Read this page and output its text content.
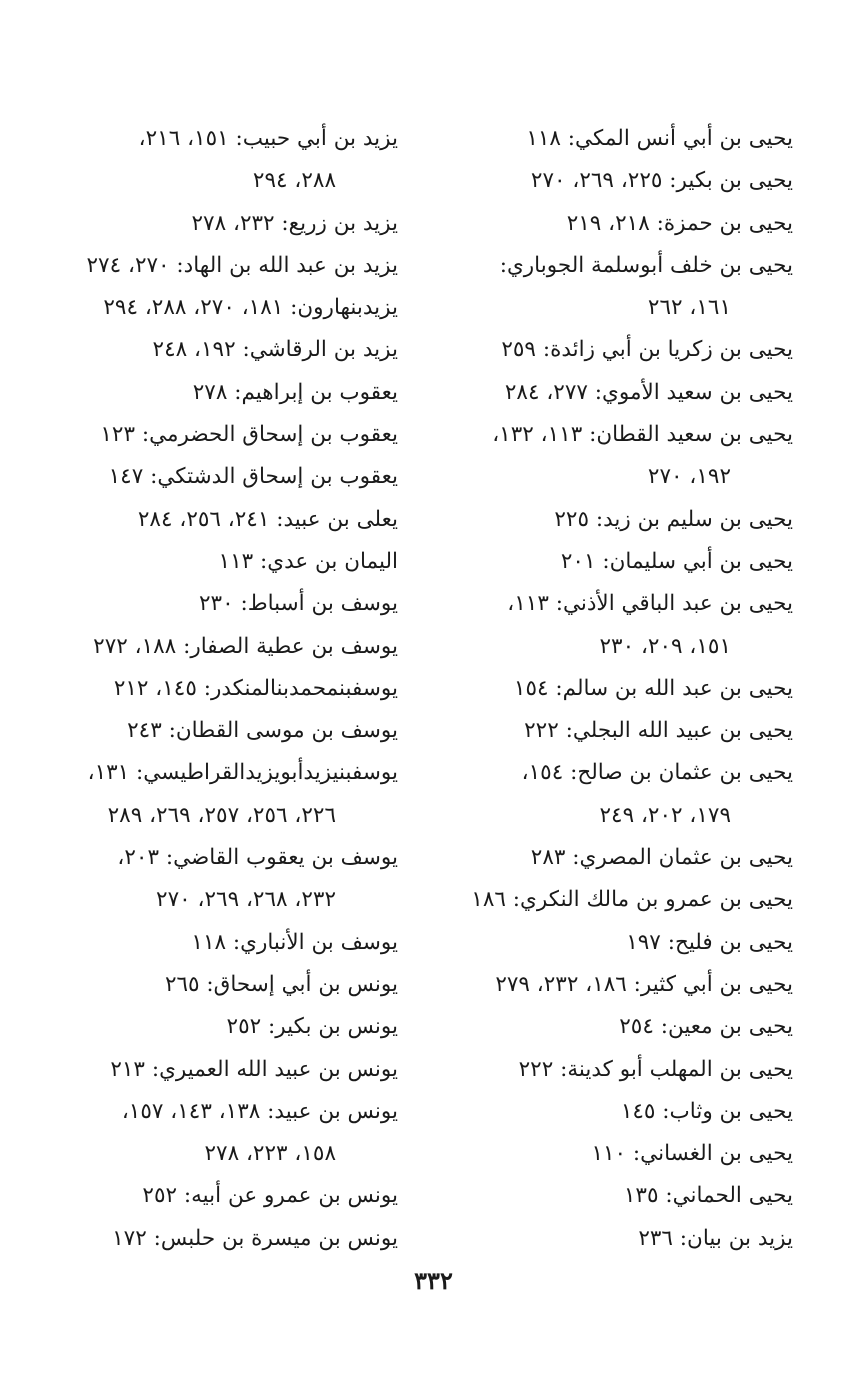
يحيى بن أبي أنس المكي: ١١٨
يحيى بن بكير: ٢٢٥، ٢٦٩، ٢٧٠
يحيى بن حمزة: ٢١٨، ٢١٩
يحيى بن خلف أبوسلمة الجوباري:
١٦١، ٢٦٢
يحيى بن زكريا بن أبي زائدة: ٢٥٩
يحيى بن سعيد الأموي: ٢٧٧، ٢٨٤
يحيى بن سعيد القطان: ١١٣، ١٣٢،
١٩٢، ٢٧٠
يحيى بن سليم بن زيد: ٢٢٥
يحيى بن أبي سليمان: ٢٠١
يحيى بن عبد الباقي الأذني: ١١٣،
١٥١، ٢٠٩، ٢٣٠
يحيى بن عبد الله بن سالم: ١٥٤
يحيى بن عبيد الله البجلي: ٢٢٢
يحيى بن عثمان بن صالح: ١٥٤،
١٧٩، ٢٠٢، ٢٤٩
يحيى بن عثمان المصري: ٢٨٣
يحيى بن عمرو بن مالك النكري: ١٨٦
يحيى بن فليح: ١٩٧
يحيى بن أبي كثير: ١٨٦، ٢٣٢، ٢٧٩
يحيى بن معين: ٢٥٤
يحيى بن المهلب أبو كدينة: ٢٢٢
يحيى بن وثاب: ١٤٥
يحيى بن الغساني: ١١٠
يحيى الحماني: ١٣٥
يزيد بن بيان: ٢٣٦
يزيد بن أبي حبيب: ١٥١، ٢١٦،
٢٨٨، ٢٩٤
يزيد بن زريع: ٢٣٢، ٢٧٨
يزيد بن عبد الله بن الهاد: ٢٧٠، ٢٧٤
يزيدبنهارون: ١٨١، ٢٧٠، ٢٨٨، ٢٩٤
يزيد بن الرقاشي: ١٩٢، ٢٤٨
يعقوب بن إبراهيم: ٢٧٨
يعقوب بن إسحاق الحضرمي: ١٢٣
يعقوب بن إسحاق الدشتكي: ١٤٧
يعلى بن عبيد: ٢٤١، ٢٥٦، ٢٨٤
اليمان بن عدي: ١١٣
يوسف بن أسباط: ٢٣٠
يوسف بن عطية الصفار: ١٨٨، ٢٧٢
يوسفبنمحمدبنالمنكدر: ١٤٥، ٢١٢
يوسف بن موسى القطان: ٢٤٣
يوسفبنيزيدأبويزيدالقراطيسي: ١٣١،
٢٢٦، ٢٥٦، ٢٥٧، ٢٦٩، ٢٨٩
يوسف بن يعقوب القاضي: ٢٠٣،
٢٣٢، ٢٦٨، ٢٦٩، ٢٧٠
يوسف بن الأنباري: ١١٨
يونس بن أبي إسحاق: ٢٦٥
يونس بن بكير: ٢٥٢
يونس بن عبيد الله العميري: ٢١٣
يونس بن عبيد: ١٣٨، ١٤٣، ١٥٧،
١٥٨، ٢٢٣، ٢٧٨
يونس بن عمرو عن أبيه: ٢٥٢
يونس بن ميسرة بن حلبس: ١٧٢
٣٣٢
